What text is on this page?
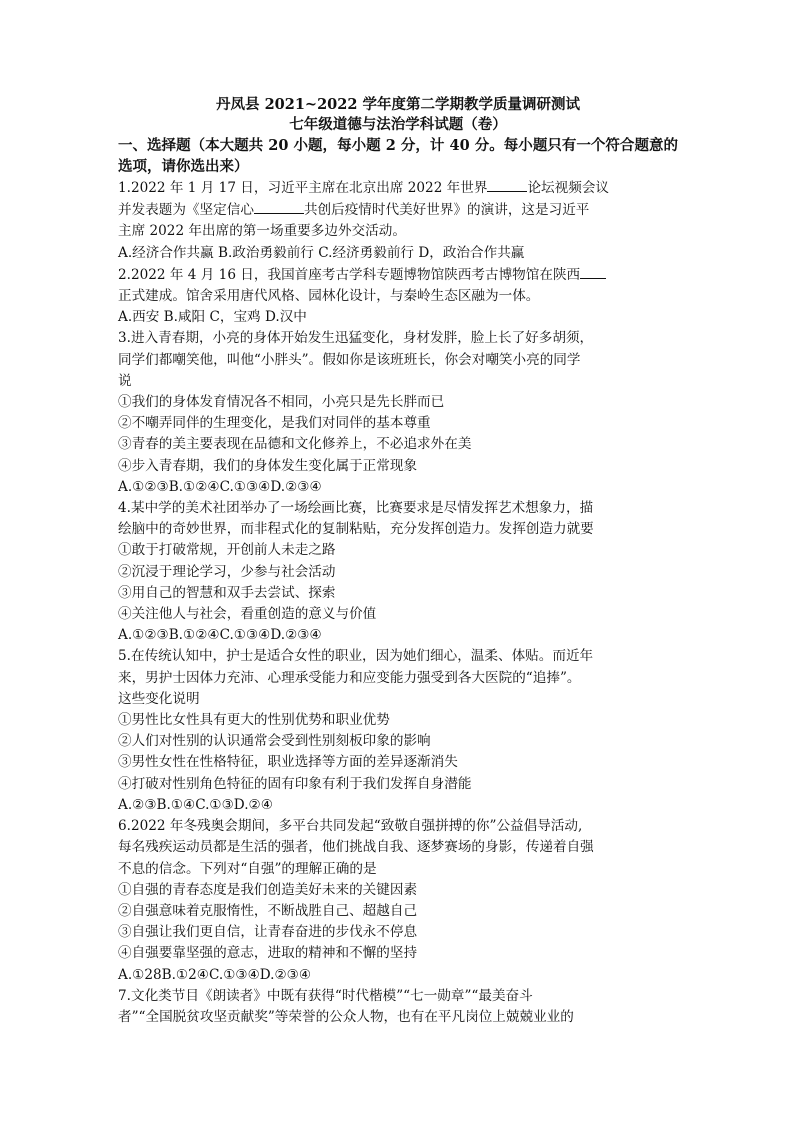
丹凤县 2021~2022 学年度第二学期教学质量调研测试
七年级道德与法治学科试题（卷）
一、选择题（本大题共 20 小题，每小题 2 分，计 40 分。每小题只有一个符合题意的选项，请你选出来）
1.2022 年 1 月 17 日，习近平主席在北京出席 2022 年世界	论坛视频会议
并发表题为《坚定信心	共创后疫情时代美好世界》的演讲，这是习近平
主席 2022 年出席的第一场重要多边外交活动。
A.经济合作共赢 B.政治勇毅前行 C.经济勇毅前行 D，政治合作共赢
2.2022 年 4 月 16 日，我国首座考古学科专题博物馆陕西考古博物馆在陕西
正式建成。馆舍采用唐代风格、园林化设计，与秦岭生态区融为一体。
A.西安 B.咸阳 C，宝鸡 D.汉中
3.进入青春期，小亮的身体开始发生迅猛变化，身材发胖，脸上长了好多胡须，
同学们都嘲笑他，叫他“小胖头”。假如你是该班班长，你会对嘲笑小亮的同学
说
①我们的身体发育情况各不相同，小亮只是先长胖而已
②不嘲弄同伴的生理变化，是我们对同伴的基本尊重
③青春的美主要表现在品德和文化修养上，不必追求外在美
④步入青春期，我们的身体发生变化属于正常现象
A.①②③B.①②④C.①③④D.②③④
4.某中学的美术社团举办了一场绘画比赛，比赛要求是尽情发挥艺术想象力，描
绘脑中的奇妙世界，而非程式化的复制粘贴，充分发挥创造力。发挥创造力就要
①敢于打破常规，开创前人未走之路
②沉浸于理论学习，少参与社会活动
③用自己的智慧和双手去尝试、探索
④关注他人与社会，看重创造的意义与价值
A.①②③B.①②④C.①③④D.②③④
5.在传统认知中，护士是适合女性的职业，因为她们细心，温柔、体贴。而近年
来，男护士因体力充沛、心理承受能力和应变能力强受到各大医院的“追捧”。
这些变化说明
①男性比女性具有更大的性别优势和职业优势
②人们对性别的认识通常会受到性别刻板印象的影响
③男性女性在性格特征，职业选择等方面的差异逐渐消失
④打破对性别角色特征的固有印象有利于我们发挥自身潜能
A.②③B.①④C.①③D.②④
6.2022 年冬残奥会期间，多平台共同发起“致敬自强拼搏的你”公益倡导活动,
每名残疾运动员都是生活的强者，他们挑战自我、逐梦赛场的身影，传递着自强
不息的信念。下列对“自强”的理解正确的是
①自强的青春态度是我们创造美好未来的关键因素
②自强意味着克服惰性，不断战胜自己、超越自己
③自强让我们更自信，让青春奋进的步伐永不停息
④自强要靠坚强的意志，进取的精神和不懈的坚持
A.①28B.①2④C.①③④D.②③④
7.文化类节目《朗读者》中既有获得“时代楷模”“七一勋章”“最美奋斗
者”“全国脱贫攻坚贡献奖”等荣誉的公众人物，也有在平凡岗位上兢兢业业的
